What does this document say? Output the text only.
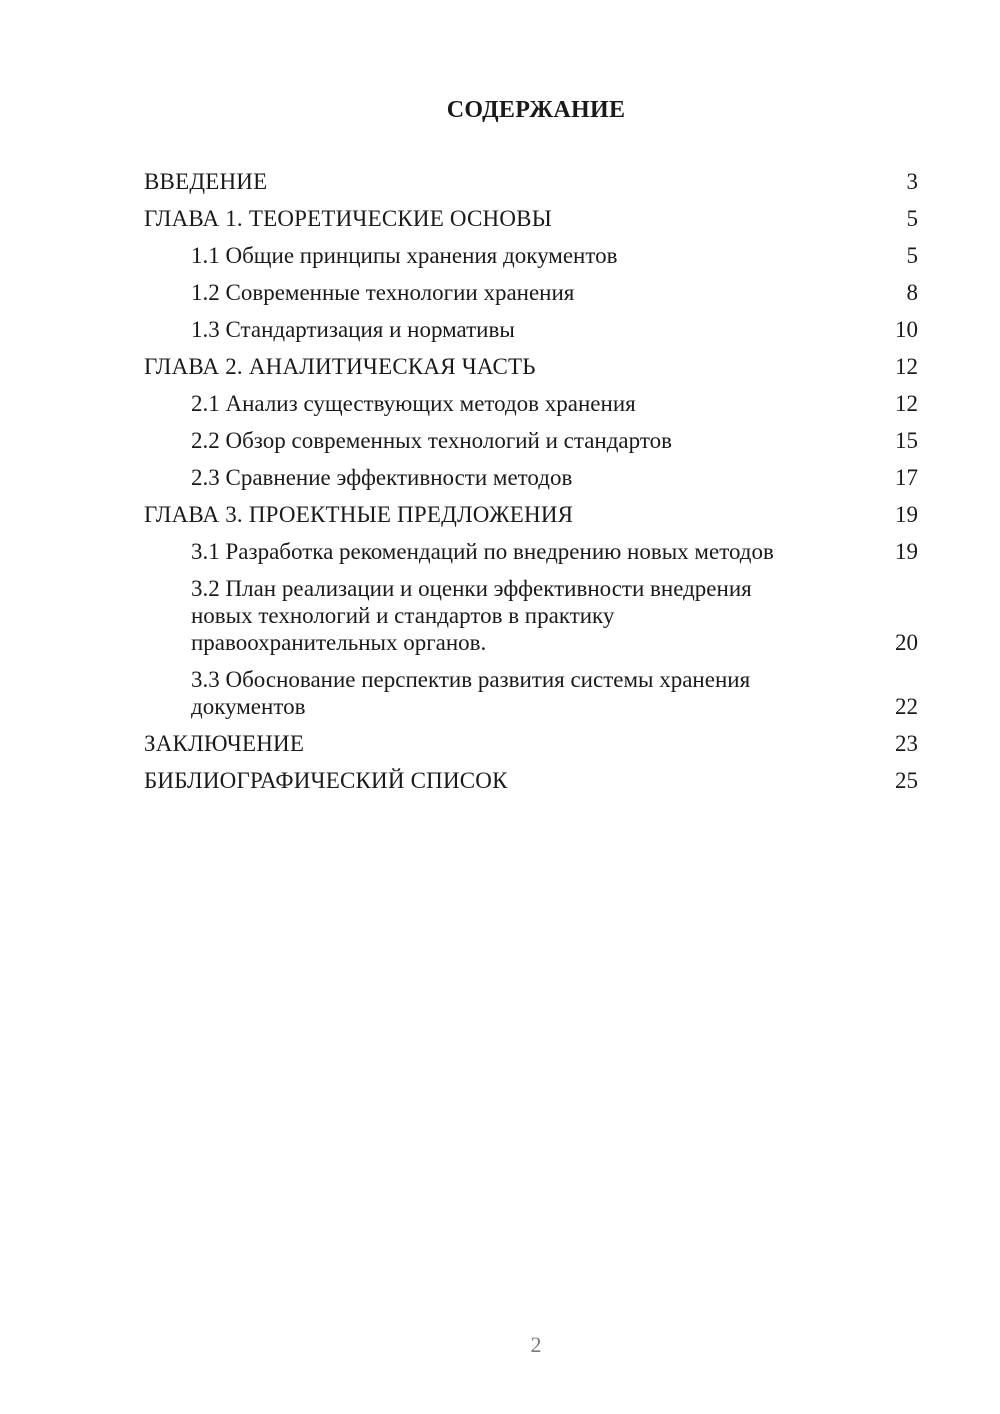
СОДЕРЖАНИЕ
ВВЕДЕНИЕ	3
ГЛАВА 1. ТЕОРЕТИЧЕСКИЕ ОСНОВЫ	5
1.1 Общие принципы хранения документов	5
1.2 Современные технологии хранения	8
1.3 Стандартизация и нормативы	10
ГЛАВА 2. АНАЛИТИЧЕСКАЯ ЧАСТЬ	12
2.1 Анализ существующих методов хранения	12
2.2 Обзор современных технологий и стандартов	15
2.3 Сравнение эффективности методов	17
ГЛАВА 3. ПРОЕКТНЫЕ ПРЕДЛОЖЕНИЯ	19
3.1 Разработка рекомендаций по внедрению новых методов	19
3.2 План реализации и оценки эффективности внедрения новых технологий и стандартов в практику правоохранительных органов.	20
3.3 Обоснование перспектив развития системы хранения документов	22
ЗАКЛЮЧЕНИЕ	23
БИБЛИОГРАФИЧЕСКИЙ СПИСОК	25
2
